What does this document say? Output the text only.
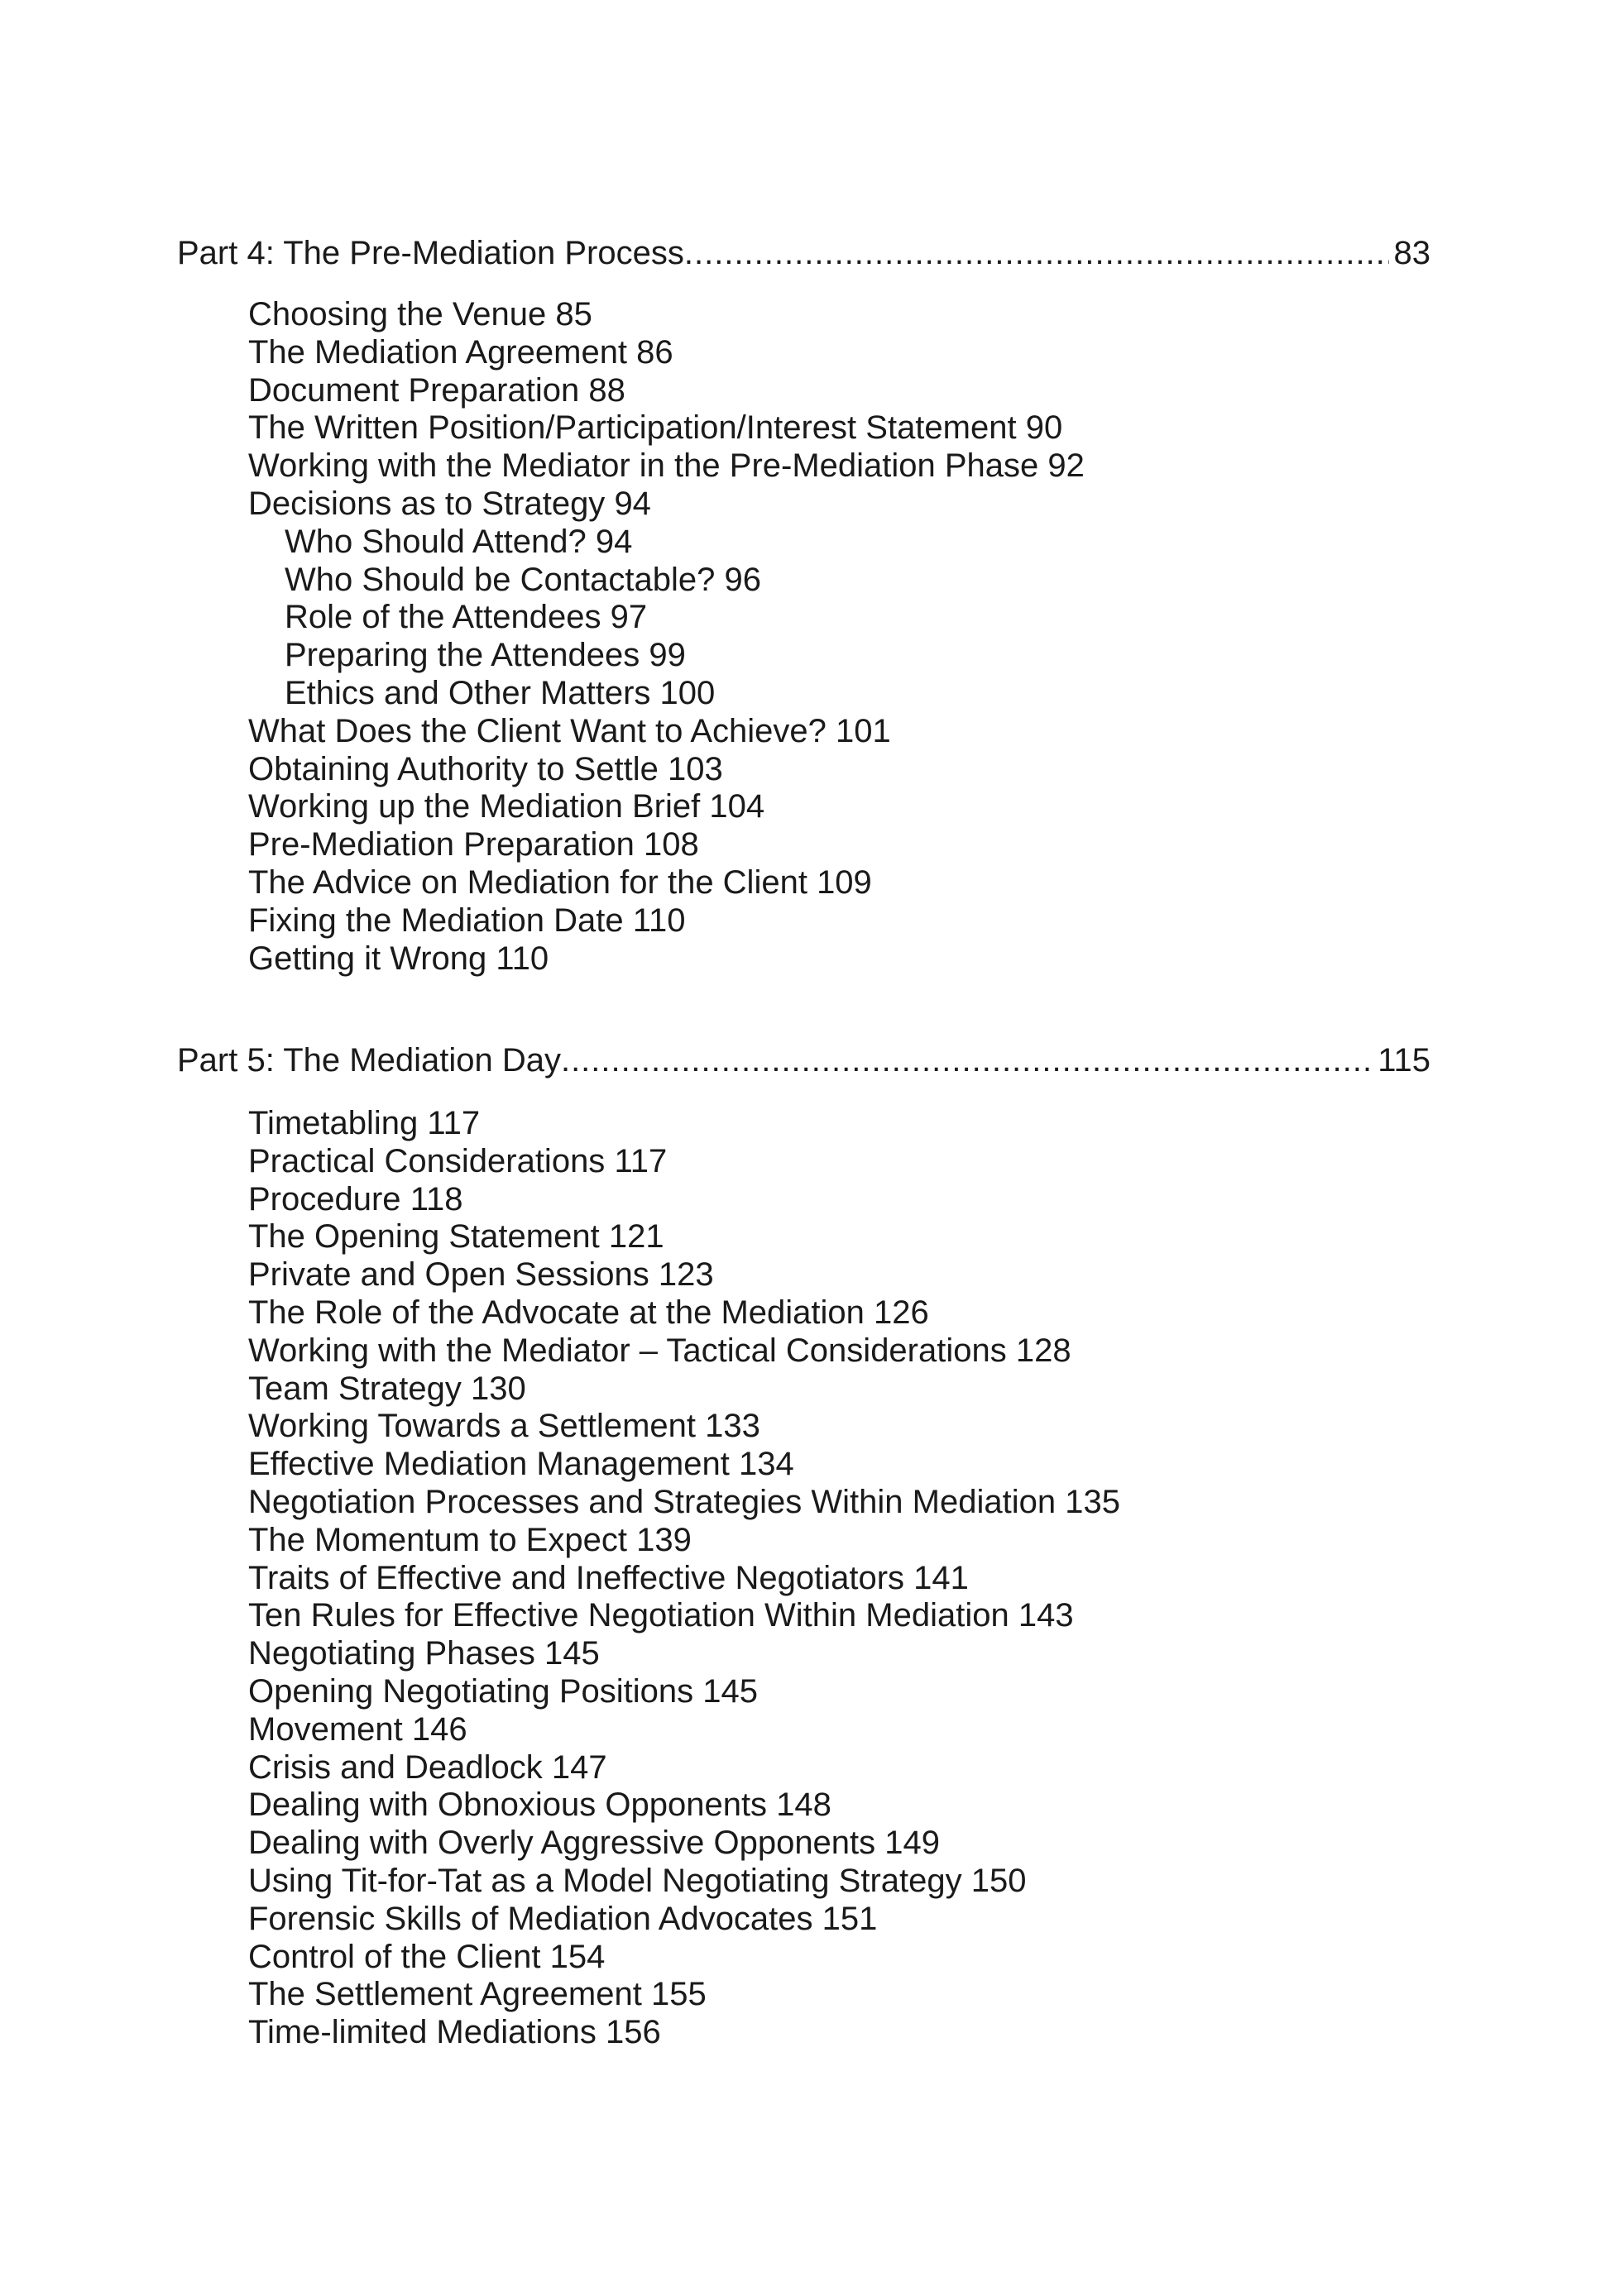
Part 4: The Pre-Mediation Process .....	83
Choosing the Venue 85
The Mediation Agreement 86
Document Preparation 88
The Written Position/Participation/Interest Statement 90
Working with the Mediator in the Pre-Mediation Phase 92
Decisions as to Strategy 94
Who Should Attend? 94
Who Should be Contactable? 96
Role of the Attendees 97
Preparing the Attendees 99
Ethics and Other Matters 100
What Does the Client Want to Achieve? 101
Obtaining Authority to Settle 103
Working up the Mediation Brief 104
Pre-Mediation Preparation 108
The Advice on Mediation for the Client 109
Fixing the Mediation Date 110
Getting it Wrong 110
Part 5: The Mediation Day .....	115
Timetabling 117
Practical Considerations 117
Procedure 118
The Opening Statement 121
Private and Open Sessions 123
The Role of the Advocate at the Mediation 126
Working with the Mediator – Tactical Considerations 128
Team Strategy 130
Working Towards a Settlement 133
Effective Mediation Management 134
Negotiation Processes and Strategies Within Mediation 135
The Momentum to Expect 139
Traits of Effective and Ineffective Negotiators 141
Ten Rules for Effective Negotiation Within Mediation 143
Negotiating Phases 145
Opening Negotiating Positions 145
Movement 146
Crisis and Deadlock 147
Dealing with Obnoxious Opponents 148
Dealing with Overly Aggressive Opponents 149
Using Tit-for-Tat as a Model Negotiating Strategy 150
Forensic Skills of Mediation Advocates 151
Control of the Client 154
The Settlement Agreement 155
Time-limited Mediations 156
